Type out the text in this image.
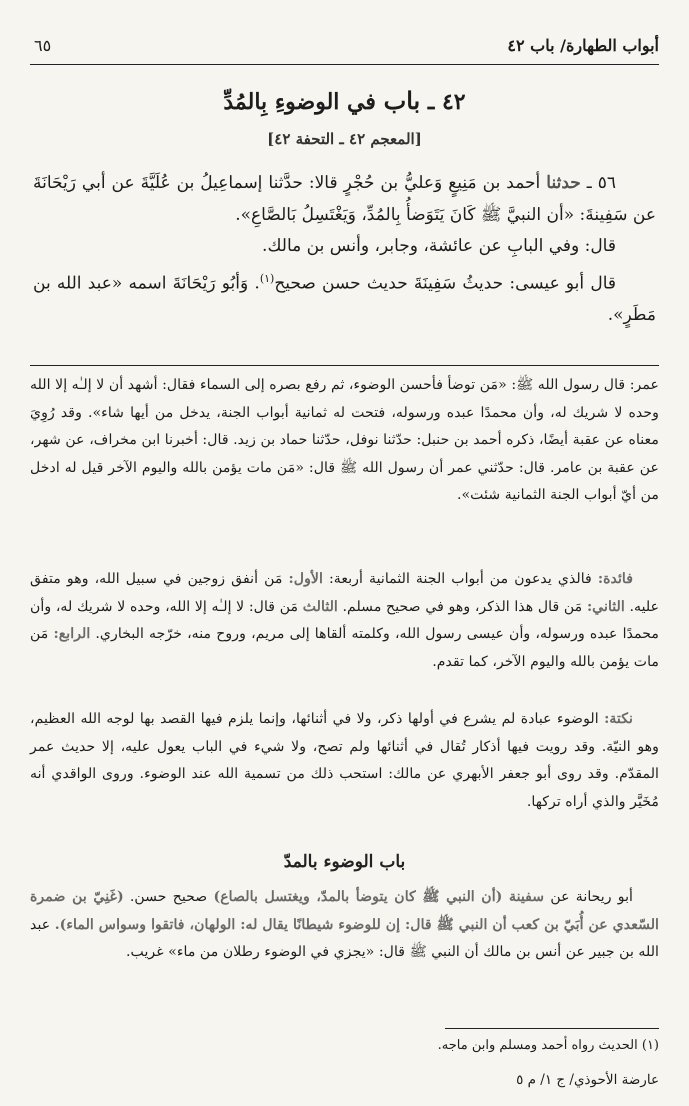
أبواب الطهارة/ باب ٤٢
٦٥
٤٢ ـ باب في الوضوءِ بِالمُدِّ
[المعجم ٤٢ ـ التحفة ٤٢]

٥٦ ـ حدثنا أحمد بن مَنِيعٍ وَعليُّ بن حُجْرٍ قالا: حدَّثنا إسماعِيلُ بن عُلَيَّةَ عن أبي رَيْحَانَةَ عن سَفِينةَ: «أن النبيَّ ﷺ كَانَ يَتَوَضأُ بِالمُدِّ، وَيَغْتَسِلُ بَالصَّاعِ».

قال: وفي البابِ عن عائشة، وجابر، وأنس بن مالك.

قال أبو عيسى: حديثُ سَفِينَةَ حديث حسن صحيح$^{(١)}$. وَأبُو رَيْحَانَةَ اسمه «عبد الله بن مَطَرٍ».

عمر: قال رسول الله ﷺ: «مَن توضأ فأحسن الوضوء، ثم رفع بصره إلى السماء فقال: أشهد أن لا إلـٰه إلا الله وحده لا شريك له، وأن محمدًا عبده ورسوله، فتحت له ثمانية أبواب الجنة، يدخل من أيها شاء». وقد رُوِيَ معناه عن عقبة أيضًا، ذكره أحمد بن حنبل: حدّثنا نوفل، حدّثنا حماد بن زيد. قال: أخبرنا ابن مخراف، عن شهر، عن عقبة بن عامر. قال: حدّثني عمر أن رسول الله ﷺ قال: «مَن مات يؤمن بالله واليوم الآخر قيل له ادخل من أيّ أبواب الجنة الثمانية شئت».

فائدة: فالذي يدعون من أبواب الجنة الثمانية أربعة: الأول: مَن أنفق زوجين في سبيل الله، وهو متفق عليه. الثاني: مَن قال هذا الذكر، وهو في صحيح مسلم. الثالث مَن قال: لا إلـٰه إلا الله، وحده لا شريك له، وأن محمدًا عبده ورسوله، وأن عيسى رسول الله، وكلمته ألقاها إلى مريم، وروح منه، خرّجه البخاري. الرابع: مَن مات يؤمن بالله واليوم الآخر، كما تقدم.

نكتة: الوضوء عبادة لم يشرع في أولها ذكر، ولا في أثنائها، وإنما يلزم فيها القصد بها لوجه الله العظيم، وهو النيّة. وقد رويت فيها أذكار تُقال في أثنائها ولم تصح، ولا شيء في الباب يعول عليه، إلا حديث عمر المقدّم. وقد روى أبو جعفر الأبهري عن مالك: استحب ذلك من تسمية الله عند الوضوء. وروى الواقدي أنه مُخَيَّر والذي أراه تركها.

باب الوضوء بالمدّ

أبو ريحانة عن سفينة (أن النبي ﷺ كان يتوضأ بالمدّ، ويغتسل بالصاع) صحيح حسن. (غَنِيّ بن ضمرة السّعدي عن أُبَيّ بن كعب أن النبي ﷺ قال: إن للوضوء شيطانًا يقال له: الولهان، فاتقوا وسواس الماء). عبد الله بن جبير عن أنس بن مالك أن النبي ﷺ قال: «يجزي في الوضوء رطلان من ماء» غريب.

(١) الحديث رواه أحمد ومسلم وابن ماجه.
عارضة الأحوذي/ ج ١/ م ٥
